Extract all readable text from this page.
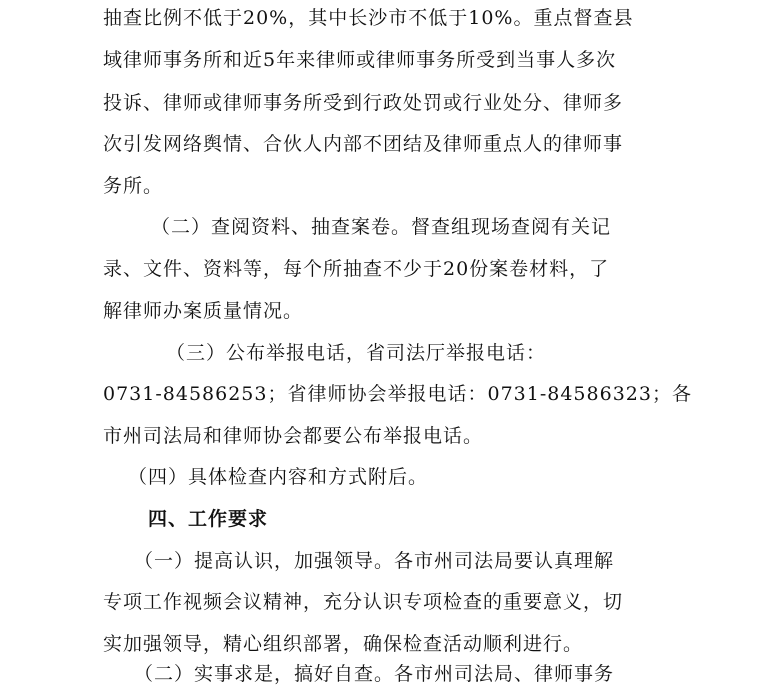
抽查比例不低于20%，其中长沙市不低于10%。重点督查县
域律师事务所和近5年来律师或律师事务所受到当事人多次
投诉、律师或律师事务所受到行政处罚或行业处分、律师多
次引发网络舆情、合伙人内部不团结及律师重点人的律师事
务所。
（二）查阅资料、抽查案卷。督查组现场查阅有关记
录、文件、资料等，每个所抽查不少于20份案卷材料，了
解律师办案质量情况。
（三）公布举报电话，省司法厅举报电话：
0731-84586253；省律师协会举报电话：0731-84586323；各
市州司法局和律师协会都要公布举报电话。
（四）具体检查内容和方式附后。
四、工作要求
（一）提高认识，加强领导。各市州司法局要认真理解
专项工作视频会议精神，充分认识专项检查的重要意义，切
实加强领导，精心组织部署，确保检查活动顺利进行。
（二）实事求是，搞好自查。各市州司法局、律师事务
